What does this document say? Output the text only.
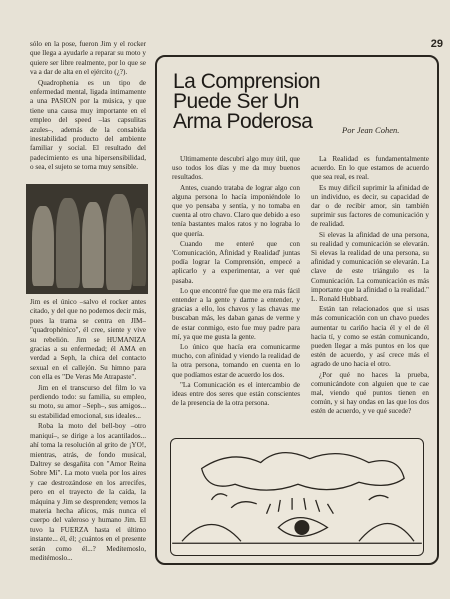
29

sólo en la pose, fueron Jim y el rocker que llega a ayudarle a reparar su moto y quiere ser libre realmente, por lo que se va a dar de alta en el ejército (¿?).

Quadrophenia es un tipo de enfermedad mental, ligada íntimamente a una PASION por la música, y que tiene una causa muy importante en el empleo del speed –las capsulitas azules–, además de la consabida inestabilidad producto del ambiente familiar y social. El resultado del padecimiento es una hipersensibilidad, o sea, el sujeto se torna muy sensible.

Jim es el único –salvo el rocker antes citado, y del que no podemos decir más, pues la trama se centra en JIM– "quadrophénico", él cree, siente y vive su rebelión. Jim se HUMANIZA gracias a su enfermedad; él AMA en verdad a Seph, la chica del contacto sexual en el callejón. Su himno para con ella es "De Veras Me Atrapaste".

Jim en el transcurso del film lo va perdiendo todo: su familia, su empleo, su moto, su amor –Seph–, sus amigos... su estabilidad emocional, sus ideales...

Roba la moto del bell-boy –otro maniquí–, se dirige a los acantilados... ahí toma la resolución al grito de ¡YO!, mientras, atrás, de fondo musical, Daltrey se desgañita con "Amor Reina Sobre Mí". La moto vuela por los aires y cae destrozándose en los arrecifes, pero en el trayecto de la caída, la máquina y Jim se desprenden; vemos la materia hecha añicos, más nunca el cuerpo del valeroso y humano Jim. El tuvo la FUERZA hasta el último instante... él, él; ¿cuántos en el presente serán como él...? Medítemoslo, meditémoslo...

La Comprension
Puede Ser Un
Arma Poderosa	Por Jean Cohen.

Ultimamente descubrí algo muy útil, que uso todos los días y me da muy buenos resultados.

Antes, cuando trataba de lograr algo con alguna persona lo hacía imponiéndole lo que yo pensaba y sentía, y no tomaba en cuenta al otro chavo. Claro que debido a eso tenía bastantes malos ratos y no lograba lo que quería.

Cuando me enteré que con 'Comunicación, Afinidad y Realidad' juntas podía lograr la Comprensión, empecé a aplicarlo y a experimentar, a ver qué pasaba.

Lo que encontré fue que me era más fácil entender a la gente y darme a entender, y gracias a ello, los chavos y las chavas me buscaban más, les daban ganas de verme y de estar conmigo, esto fue muy padre para mí, ya que me gusta la gente.

Lo único que hacía era comunicarme mucho, con afinidad y viendo la realidad de la otra persona, tomando en cuenta en lo que podíamos estar de acuerdo los dos.

"La Comunicación es el intercambio de ideas entre dos seres que están conscientes de la presencia de la otra persona.

La Realidad es fundamentalmente acuerdo. En lo que estamos de acuerdo que sea real, es real.

Es muy difícil suprimir la afinidad de un individuo, es decir, su capacidad de dar o de recibir amor, sin también suprimir sus factores de comunicación y de realidad.

Si elevas la afinidad de una persona, su realidad y comunicación se elevarán. Si elevas la realidad de una persona, su afinidad y comunicación se elevarán. La clave de este triángulo es la Comunicación. La comunicación es más importante que la afinidad o la realidad." L. Ronald Hubbard.

Están tan relacionados que si usas más comunicación con un chavo puedes aumentar tu cariño hacia él y el de él hacia tí, y como se están comunicando, pueden llegar a más puntos en los que estén de acuerdo, y así crece más el agrado de uno hacia el otro.

¿Por qué no haces la prueba, comunicándote con alguien que te cae mal, viendo qué puntos tienen en común, y si hay ondas en las que los dos estén de acuerdo, y ve qué sucede?
